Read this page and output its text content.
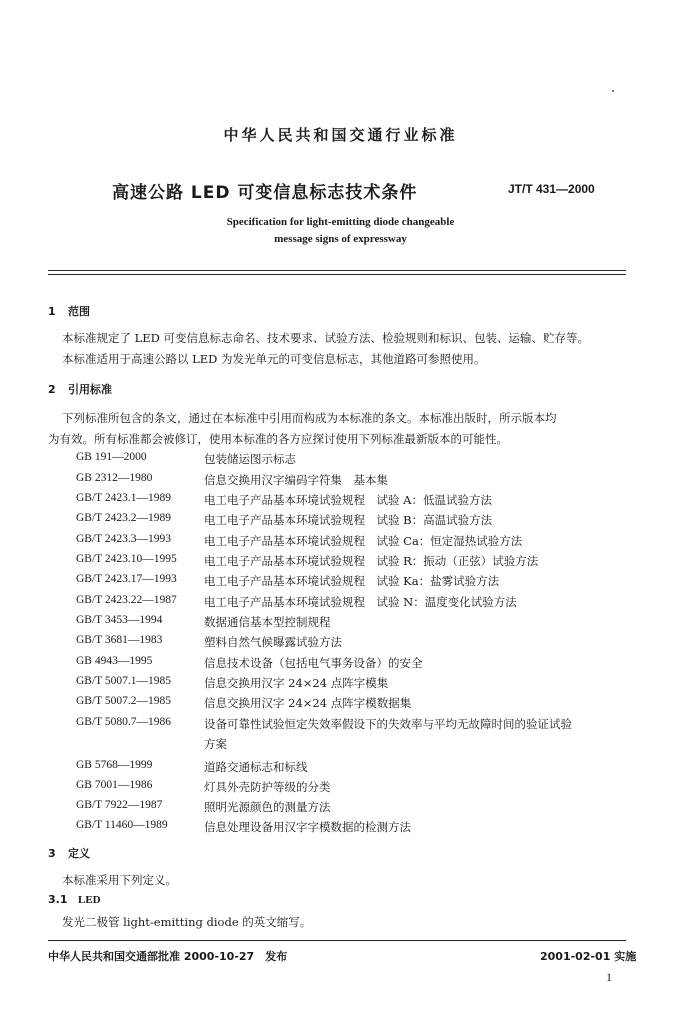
中华人民共和国交通行业标准
高速公路 LED 可变信息标志技术条件	JT/T 431—2000
Specification for light-emitting diode changeable
message signs of expressway
1 范围
本标准规定了 LED 可变信息标志命名、技术要求、试验方法、检验规则和标识、包装、运输、贮存等。
本标准适用于高速公路以 LED 为发光单元的可变信息标志，其他道路可参照使用。
2 引用标准
下列标准所包含的条文，通过在本标准中引用而构成为本标准的条文。本标准出版时，所示版本均
为有效。所有标准都会被修订，使用本标准的各方应探讨使用下列标准最新版本的可能性。
GB 191—2000	包装储运图示标志
GB 2312—1980	信息交换用汉字编码字符集　基本集
GB/T 2423.1—1989	电工电子产品基本环境试验规程　试验 A：低温试验方法
GB/T 2423.2—1989	电工电子产品基本环境试验规程　试验 B：高温试验方法
GB/T 2423.3—1993	电工电子产品基本环境试验规程　试验 Ca：恒定湿热试验方法
GB/T 2423.10—1995 电工电子产品基本环境试验规程　试验 R：振动（正弦）试验方法
GB/T 2423.17—1993 电工电子产品基本环境试验规程　试验 Ka：盐雾试验方法
GB/T 2423.22—1987 电工电子产品基本环境试验规程　试验 N：温度变化试验方法
GB/T 3453—1994	数据通信基本型控制规程
GB/T 3681—1983	塑料自然气候曝露试验方法
GB 4943—1995	信息技术设备（包括电气事务设备）的安全
GB/T 5007.1—1985	信息交换用汉字 24×24 点阵字模集
GB/T 5007.2—1985	信息交换用汉字 24×24 点阵字模数据集
GB/T 5080.7—1986	设备可靠性试验恒定失效率假设下的失效率与平均无故障时间的验证试验
方案
GB 5768—1999	道路交通标志和标线
GB 7001—1986	灯具外壳防护等级的分类
GB/T 7922—1987	照明光源颜色的测量方法
GB/T 11460—1989	信息处理设备用汉字字模数据的检测方法
3 定义
本标准采用下列定义。
3.1 LED
发光二极管 light-emitting diode 的英文缩写。
中华人民共和国交通部批准 2000-10-27　发布	2001-02-01 实施
1
